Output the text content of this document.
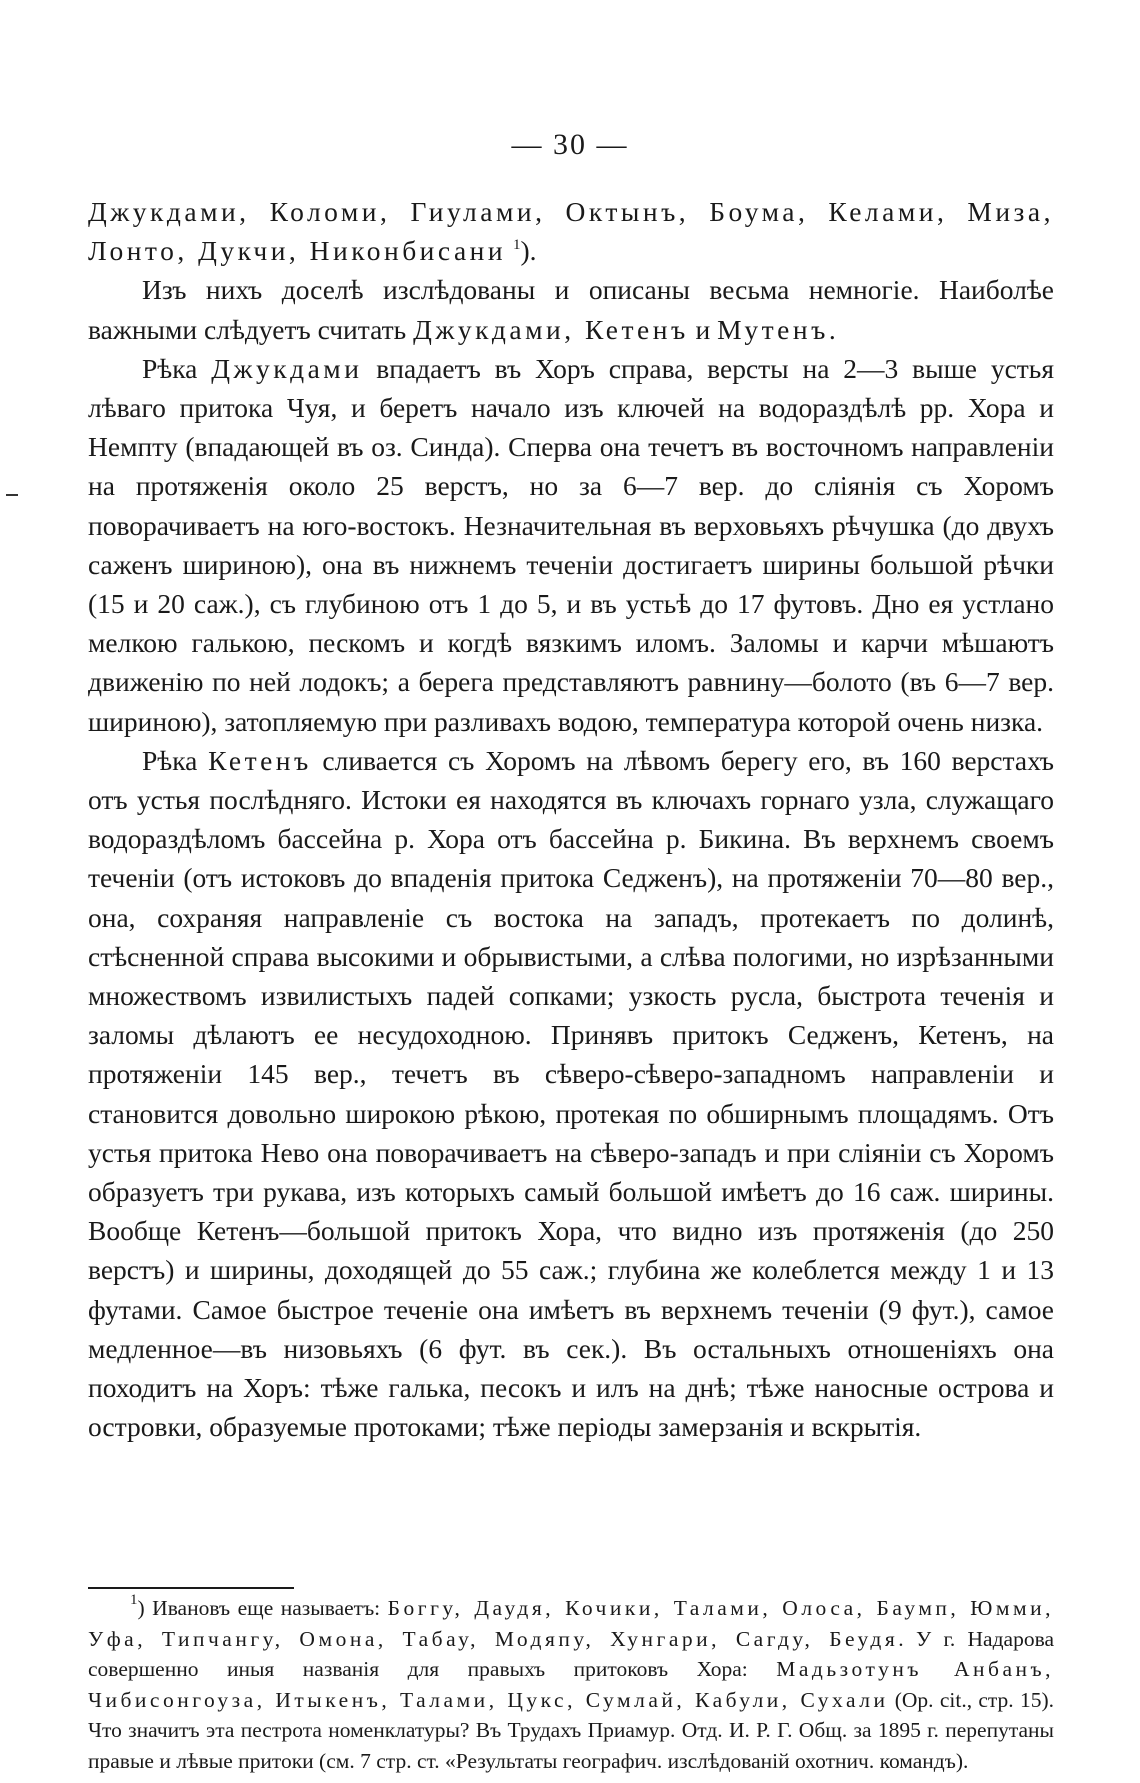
— 30 —

Джукдами, Коломи, Гиулами, Октынъ, Боума, Келами, Миза, Лонто, Дукчи, Никонбисани $^1$).

Изъ нихъ доселѣ изслѣдованы и описаны весьма немногіе. Наиболѣе важными слѣдуетъ считать Джукдами, Кетенъ и Мутенъ.

Рѣка Джукдами впадаетъ въ Хоръ справа, версты на 2—3 выше устья лѣваго притока Чуя, и беретъ начало изъ ключей на водораздѣлѣ рр. Хора и Немпту (впадающей въ оз. Синда). Сперва она течетъ въ восточномъ направленіи на протяженія около 25 верстъ, но за 6—7 вер. до сліянія съ Хоромъ поворачиваетъ на юго-востокъ. Незначительная въ верховьяхъ рѣчушка (до двухъ саженъ шириною), она въ нижнемъ теченіи достигаетъ ширины большой рѣчки (15 и 20 саж.), съ глубиною отъ 1 до 5, и въ устьѣ до 17 футовъ. Дно ея устлано мелкою галькою, пескомъ и когдѣ вязкимъ иломъ. Заломы и карчи мѣшаютъ движенію по ней лодокъ; а берега представляютъ равнину—болото (въ 6—7 вер. шириною), затопляемую при разливахъ водою, температура которой очень низка.

Рѣка Кетенъ сливается съ Хоромъ на лѣвомъ берегу его, въ 160 верстахъ отъ устья послѣдняго. Истоки ея находятся въ ключахъ горнаго узла, служащаго водораздѣломъ бассейна р. Хора отъ бассейна р. Бикина. Въ верхнемъ своемъ теченіи (отъ истоковъ до впаденія притока Седженъ), на протяженіи 70—80 вер., она, сохраняя направленіе съ востока на западъ, протекаетъ по долинѣ, стѣсненной справа высокими и обрывистыми, а слѣва пологими, но изрѣзанными множествомъ извилистыхъ падей сопками; узкость русла, быстрота теченія и заломы дѣлаютъ ее несудоходною. Принявъ притокъ Седженъ, Кетенъ, на протяженіи 145 вер., течетъ въ сѣверо-сѣверо-западномъ направленіи и становится довольно широкою рѣкою, протекая по обширнымъ площадямъ. Отъ устья притока Нево она поворачиваетъ на сѣверо-западъ и при сліяніи съ Хоромъ образуетъ три рукава, изъ которыхъ самый большой имѣетъ до 16 саж. ширины. Вообще Кетенъ—большой притокъ Хора, что видно изъ протяженія (до 250 верстъ) и ширины, доходящей до 55 саж.; глубина же колеблется между 1 и 13 футами. Самое быстрое теченіе она имѣетъ въ верхнемъ теченіи (9 фут.), самое медленное—въ низовьяхъ (6 фут. въ сек.). Въ остальныхъ отношеніяхъ она походитъ на Хоръ: тѣже галька, песокъ и илъ на днѣ; тѣже наносные острова и островки, образуемые протоками; тѣже періоды замерзанія и вскрытія.

$^1$) Ивановъ еще называетъ: Боггу, Даудя, Кочики, Талами, Олоса, Баумп, Юмми, Уфа, Типчангу, Омона, Табау, Модяпу, Хунгари, Сагду, Беудя. У г. Надарова совершенно иныя названія для правыхъ притоковъ Хора: Мадьзотунъ Анбанъ, Чибисонгоуза, Итыкенъ, Талами, Цукс, Сумлай, Кабули, Сухали (Op. cit., стр. 15). Что значитъ эта пестрота номенклатуры? Въ Трудахъ Приамур. Отд. И. Р. Г. Общ. за 1895 г. перепутаны правые и лѣвые притоки (см. 7 стр. ст. «Результаты географич. изслѣдованій охотнич. командъ).
